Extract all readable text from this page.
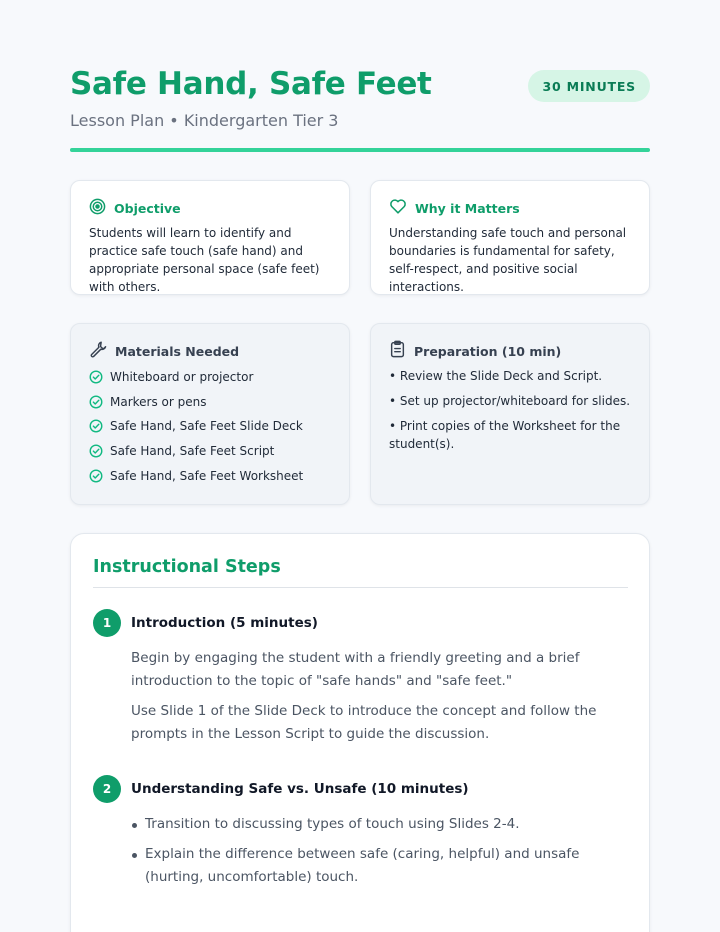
Safe Hand, Safe Feet
Lesson Plan • Kindergarten Tier 3
30 MINUTES
Objective

Students will learn to identify and practice safe touch (safe hand) and appropriate personal space (safe feet) with others.

Why it Matters

Understanding safe touch and personal boundaries is fundamental for safety, self-respect, and positive social interactions.

Materials Needed
Whiteboard or projector
Markers or pens
Safe Hand, Safe Feet Slide Deck
Safe Hand, Safe Feet Script
Safe Hand, Safe Feet Worksheet
Preparation (10 min)
• Review the Slide Deck and Script.
• Set up projector/whiteboard for slides.
• Print copies of the Worksheet for the student(s).
Instructional Steps
1	Introduction (5 minutes)

Begin by engaging the student with a friendly greeting and a brief introduction to the topic of "safe hands" and "safe feet."

Use Slide 1 of the Slide Deck to introduce the concept and follow the prompts in the Lesson Script to guide the discussion.

2	Understanding Safe vs. Unsafe (10 minutes)
Transition to discussing types of touch using Slides 2-4.
Explain the difference between safe (caring, helpful) and unsafe (hurting, uncomfortable) touch.
